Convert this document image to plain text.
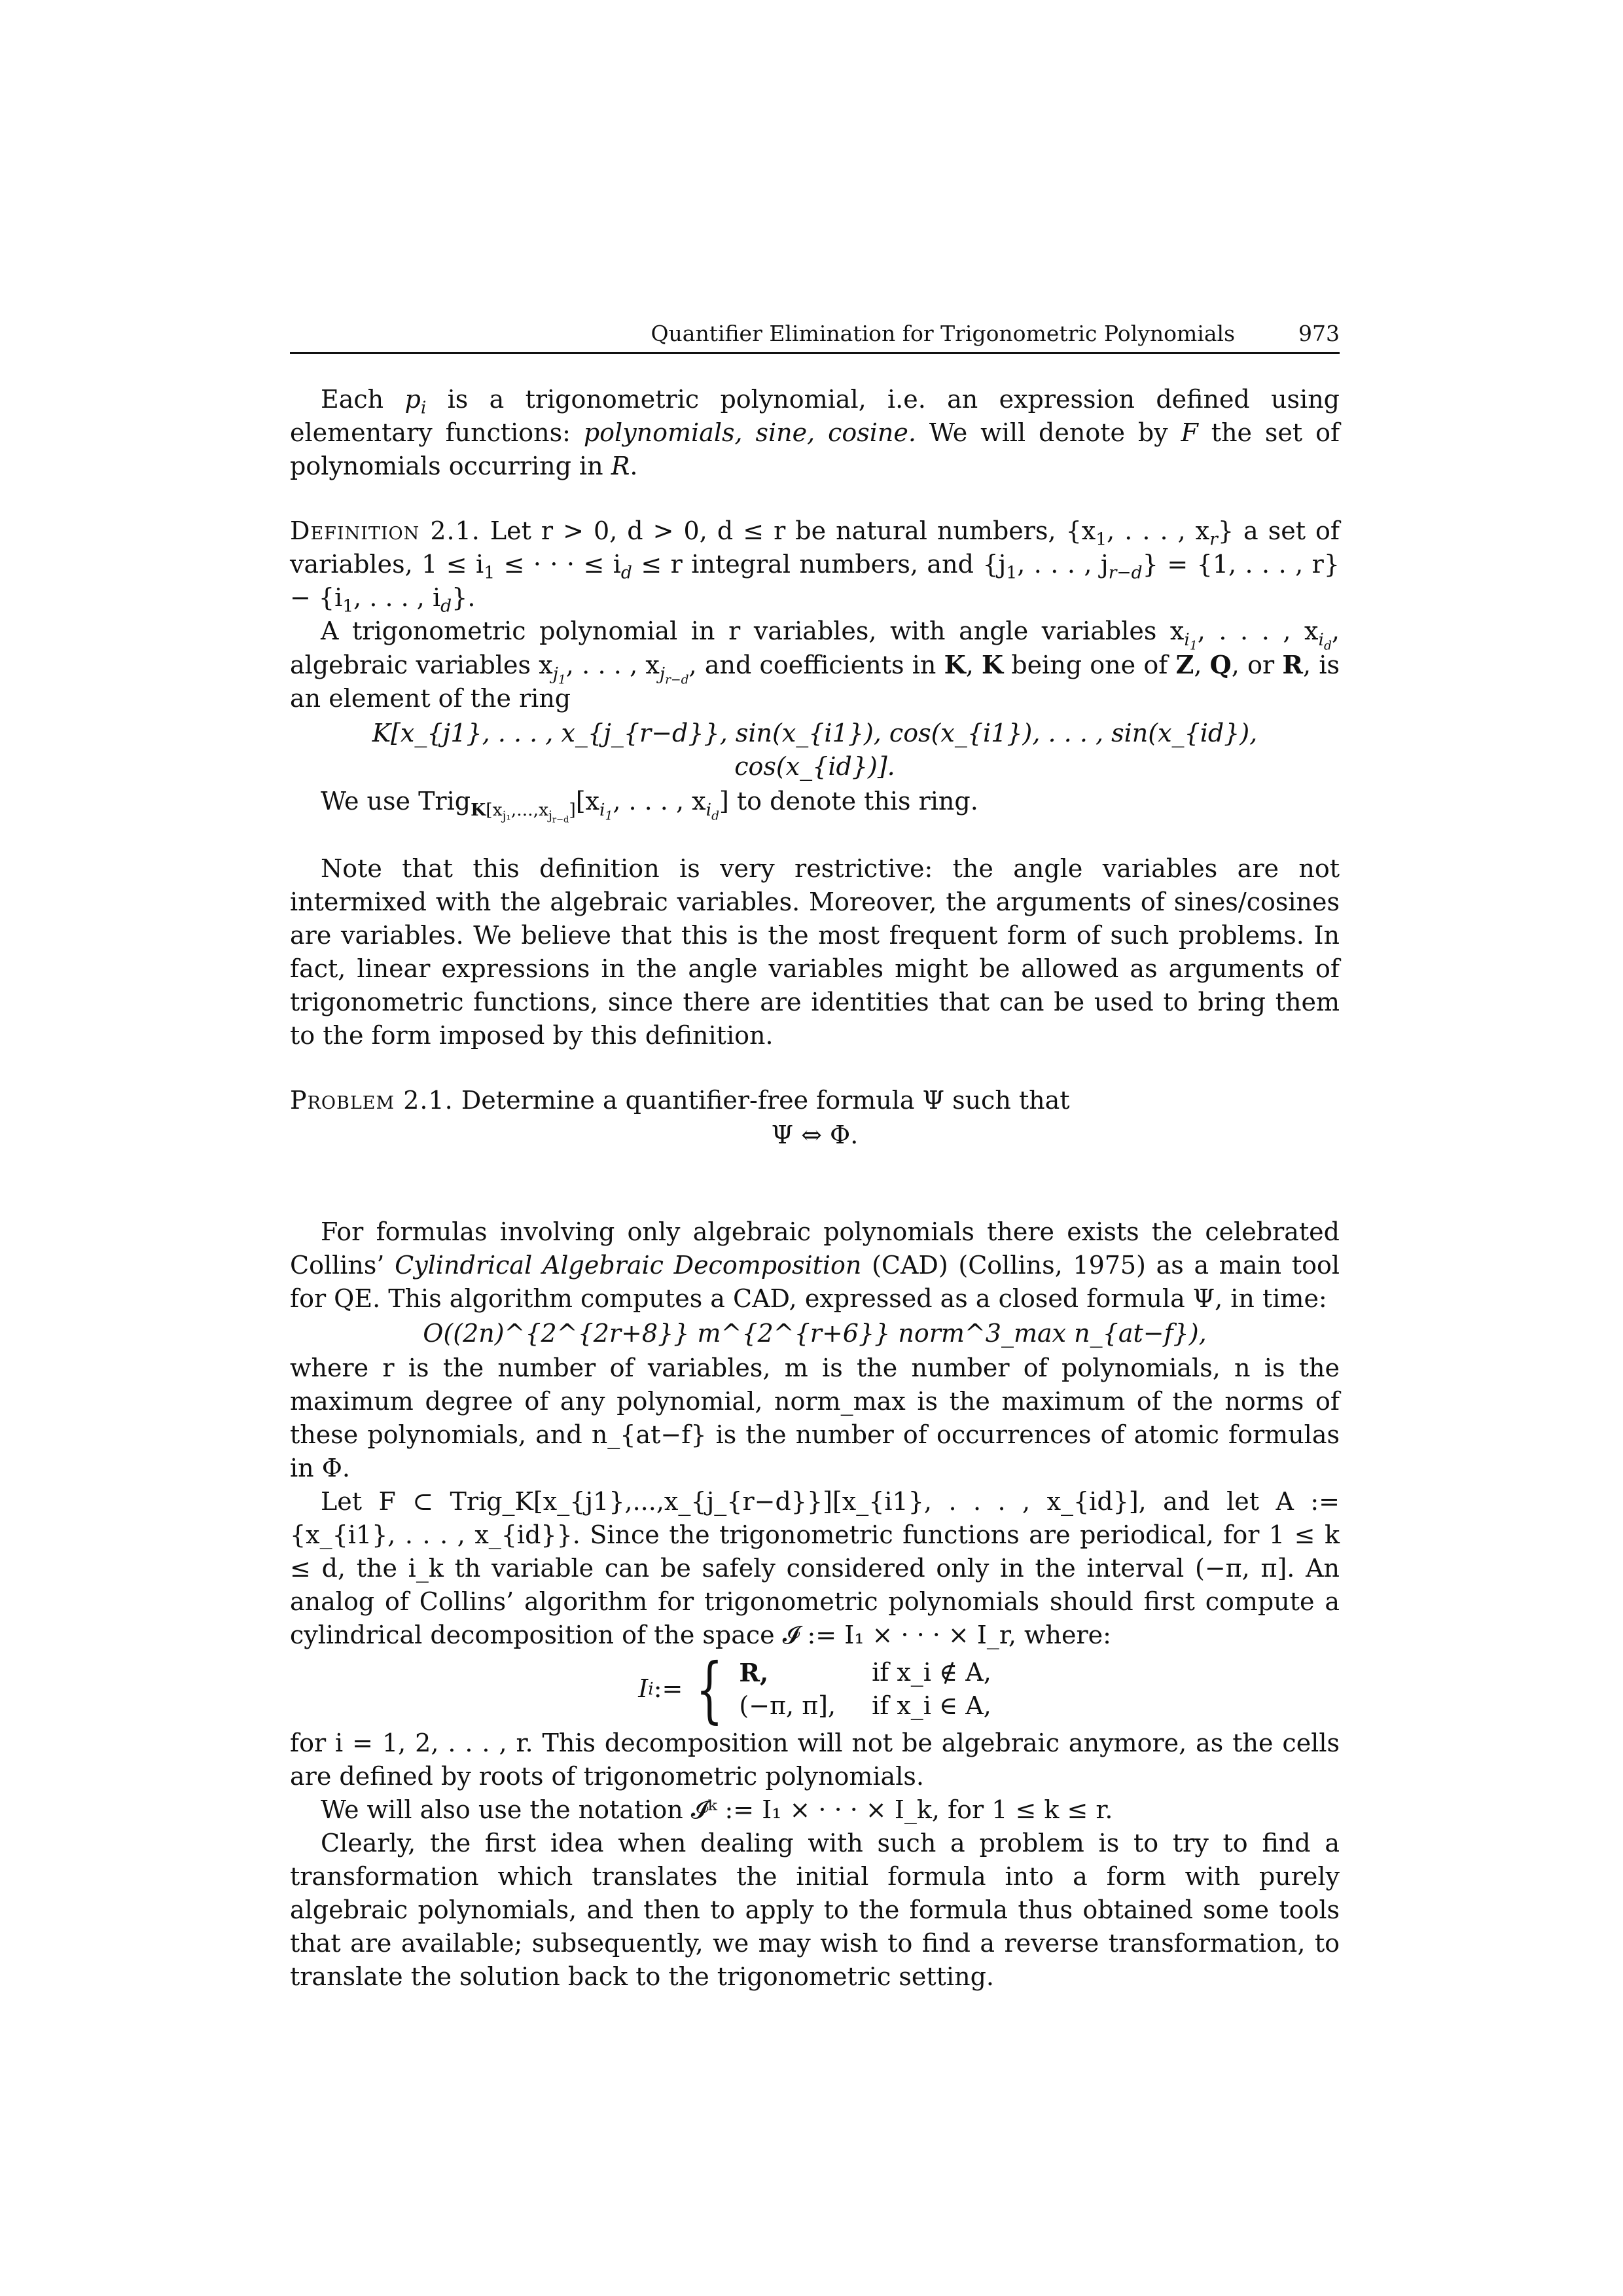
Quantifier Elimination for Trigonometric Polynomials	973

Each $p_i$ is a trigonometric polynomial, i.e. an expression defined using elementary functions: polynomials, sine, cosine. We will denote by F the set of polynomials occurring in R.

Definition 2.1. Let r > 0, d > 0, d ≤ r be natural numbers, {$x_1$, . . . , $x_r$} a set of variables, $1 \le i_1$ ≤ · · · ≤ $i_d \le r$ integral numbers, and {$j_1$, . . . , $j_{r-d}\} = \{1$, . . . , $r\} - \{i_1$, . . . , $i_d$}.

A trigonometric polynomial in r variables, with angle variables $x_{i_1}$, . . . , $x_{i_d}$, algebraic variables $x_{j_1}$, . . . , $x_{j_{r-d}}$, and coefficients in K, K being one of Z, Q, or R, is an element of the ring

K[x_{j1}, . . . , x_{j_{r−d}}, sin(x_{i1}), cos(x_{i1}), . . . , sin(x_{id}), cos(x_{id})].

We use $Trig_{K[x_{j_1},...,x_{j_{r-d}}]}[x_{i_1}$, . . . , $x_{i_d}$] to denote this ring.

Note that this definition is very restrictive: the angle variables are not intermixed with the algebraic variables. Moreover, the arguments of sines/cosines are variables. We believe that this is the most frequent form of such problems. In fact, linear expressions in the angle variables might be allowed as arguments of trigonometric functions, since there are identities that can be used to bring them to the form imposed by this definition.

Problem 2.1. Determine a quantifier-free formula Ψ such that

Ψ ⇔ Φ.

For formulas involving only algebraic polynomials there exists the celebrated Collins’ Cylindrical Algebraic Decomposition (CAD) (Collins, 1975) as a main tool for QE. This algorithm computes a CAD, expressed as a closed formula Ψ, in time:

O((2n)^{2^{2r+8}} m^{2^{r+6}} norm^3_max n_{at−f}),

where r is the number of variables, m is the number of polynomials, n is the maximum degree of any polynomial, norm_max is the maximum of the norms of these polynomials, and n_{at−f} is the number of occurrences of atomic formulas in Φ.

Let F ⊂ Trig_K[x_{j1},...,x_{j_{r−d}}][x_{i1}, . . . , x_{id}], and let A := {x_{i1}, . . . , x_{id}}. Since the trigonometric functions are periodical, for 1 ≤ k ≤ d, the i_k th variable can be safely considered only in the interval (−π, π]. An analog of Collins’ algorithm for trigonometric polynomials should first compute a cylindrical decomposition of the space 𝓘 := I₁ × · · · × I_r, where:

I i := { R,	if x_i ∉ A,
(−π, π], if x_i ∈ A,

for i = 1, 2, . . . , r. This decomposition will not be algebraic anymore, as the cells are defined by roots of trigonometric polynomials.

We will also use the notation 𝓘ᵏ := I₁ × · · · × I_k, for 1 ≤ k ≤ r.

Clearly, the first idea when dealing with such a problem is to try to find a transformation which translates the initial formula into a form with purely algebraic polynomials, and then to apply to the formula thus obtained some tools that are available; subsequently, we may wish to find a reverse transformation, to translate the solution back to the trigonometric setting.
